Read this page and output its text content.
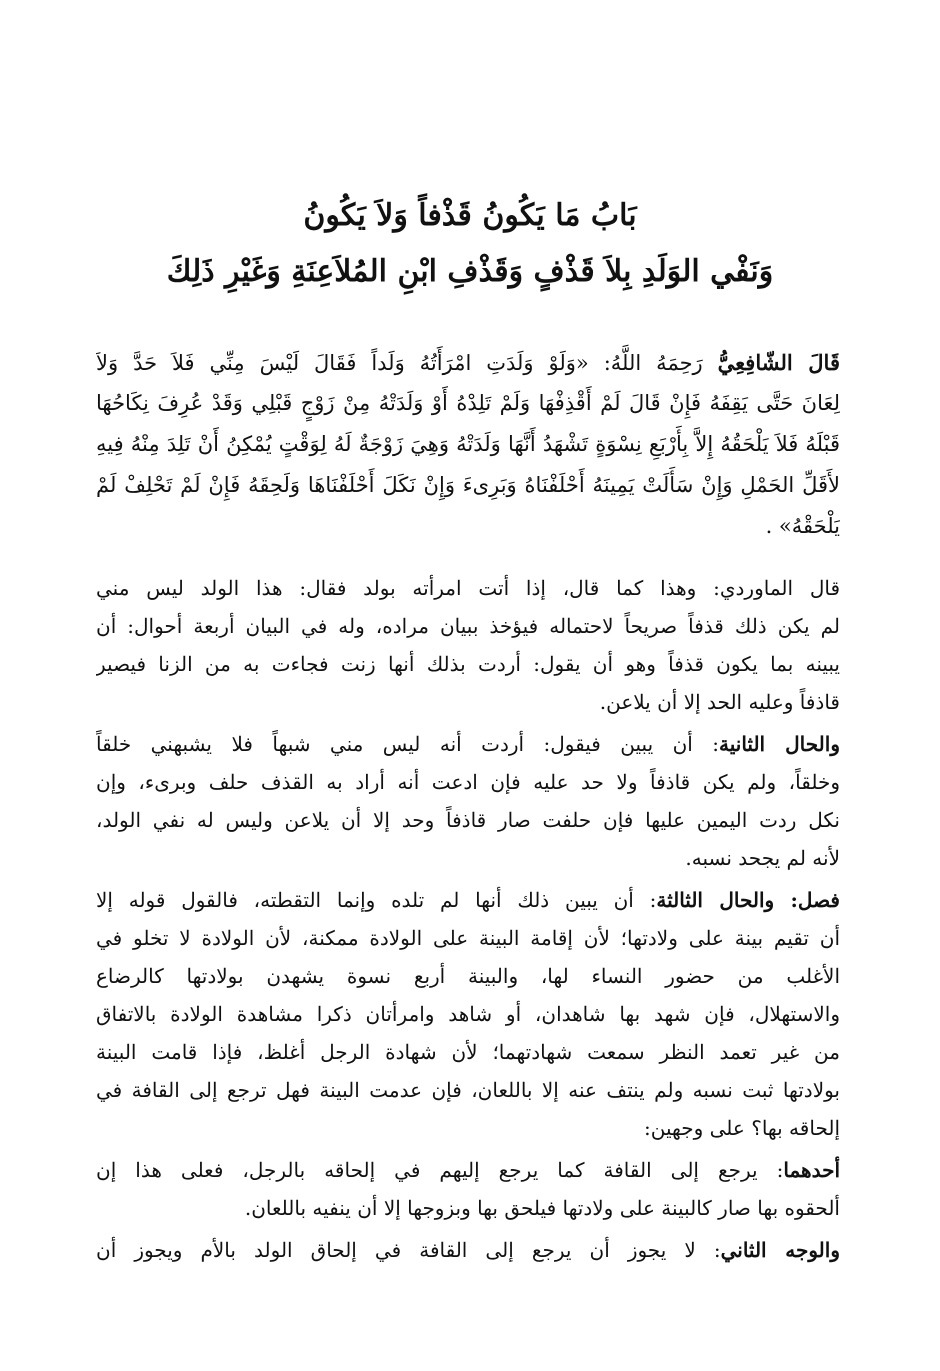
بَابُ مَا يَكُونُ قَذْفاً وَلاَ يَكُونُ
وَنَفْي الوَلَدِ بِلاَ قَذْفٍ وَقَذْفِ ابْنِ المُلاَعِنَةِ وَغَيْرِ ذَلِكَ
قَالَ الشّافِعِيُّ رَحِمَهُ اللَّهُ: «وَلَوْ وَلَدَتِ امْرَأَتُهُ وَلَداً فَقَالَ لَيْسَ مِنِّي فَلاَ حَدَّ وَلاَ
لِعَانَ حَتَّى يَقِفَهُ فَإِنْ قَالَ لَمْ أَقْذِفْهَا وَلَمْ تَلِدْهُ أَوْ وَلَدَتْهُ مِنْ زَوْجٍ قَبْلِي وَقَدْ عُرِفَ نِكَاحُهَا
قَبْلَهُ فَلاَ يَلْحَقُهُ إِلاَّ بِأَرْبَعِ نِسْوَةٍ تَشْهَدُ أَنَّهَا وَلَدَتْهُ وَهِيَ زَوْجَةٌ لَهُ لِوَقْتٍ يُمْكِنُ أَنْ تَلِدَ مِنْهُ فِيهِ
لأَقَلِّ الحَمْلِ وَإِنْ سَأَلَتْ يَمِينَهُ أَحْلَفْنَاهُ وَبَرِىءَ وَإِنْ نَكَلَ أَحْلَفْنَاهَا وَلَحِقَهُ فَإِنْ لَمْ تَحْلِفْ لَمْ
يَلْحَقْهُ» .
قال الماوردي: وهذا كما قال، إذا أتت امرأته بولد فقال: هذا الولد ليس مني
لم يكن ذلك قذفاً صريحاً لاحتماله فيؤخذ ببيان مراده، وله في البيان أربعة أحوال: أن
يبينه بما يكون قذفاً وهو أن يقول: أردت بذلك أنها زنت فجاءت به من الزنا فيصير
قاذفاً وعليه الحد إلا أن يلاعن.
والحال الثانية: أن يبين فيقول: أردت أنه ليس مني شبهاً فلا يشبهني خلقاً
وخلقاً، ولم يكن قاذفاً ولا حد عليه فإن ادعت أنه أراد به القذف حلف وبرىء، وإن
نكل ردت اليمين عليها فإن حلفت صار قاذفاً وحد إلا أن يلاعن وليس له نفي الولد،
لأنه لم يجحد نسبه.
فصل: والحال الثالثة: أن يبين ذلك أنها لم تلده وإنما التقطته، فالقول قوله إلا
أن تقيم بينة على ولادتها؛ لأن إقامة البينة على الولادة ممكنة، لأن الولادة لا تخلو في
الأغلب من حضور النساء لها، والبينة أربع نسوة يشهدن بولادتها كالرضاع
والاستهلال، فإن شهد بها شاهدان، أو شاهد وامرأتان ذكرا مشاهدة الولادة بالاتفاق
من غير تعمد النظر سمعت شهادتهما؛ لأن شهادة الرجل أغلظ، فإذا قامت البينة
بولادتها ثبت نسبه ولم ينتف عنه إلا باللعان، فإن عدمت البينة فهل ترجع إلى القافة في
إلحاقه بها؟ على وجهين:
أحدهما: يرجع إلى القافة كما يرجع إليهم في إلحاقه بالرجل، فعلى هذا إن
ألحقوه بها صار كالبينة على ولادتها فيلحق بها وبزوجها إلا أن ينفيه باللعان.
والوجه الثاني: لا يجوز أن يرجع إلى القافة في إلحاق الولد بالأم ويجوز أن
